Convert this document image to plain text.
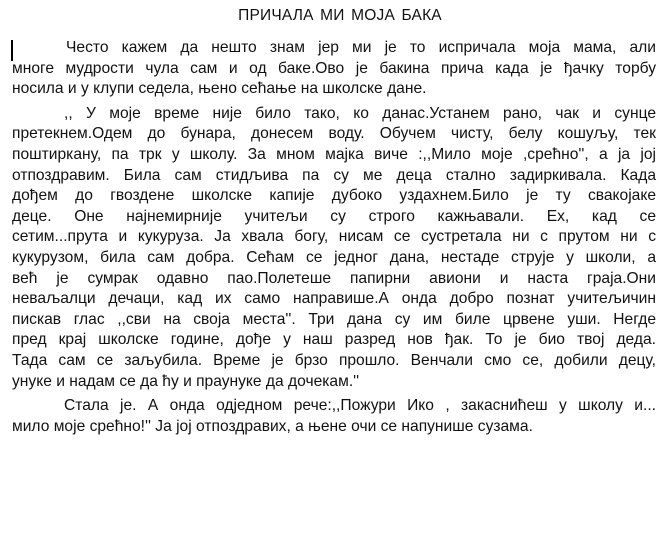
ПРИЧАЛА МИ МОЈА БАКА

Често кажем да нешто знам јер ми је то испричала моја мама, али
многе мудрости чула сам и од баке.Ово је бакина прича када је ђачку торбу
носила и у клупи седела, њено сећање на школске дане.

,, У моје време није било тако, ко данас.Устанем рано, чак и сунце
претекнем.Одем до бунара, донесем воду. Обучем чисту, белу кошуљу, тек
поштиркану, па трк у школу. За мном мајка виче :,,Мило моје ,срећно'', а ја јој
отпоздравим. Била сам стидљива па су ме деца стално задиркивала. Када
дођем до гвоздене школске капије дубоко уздахнем.Било је ту свакојаке
деце. Оне најнемирније учитељи су строго кажњавали. Ех, кад се
сетим...прута и кукуруза. Ја хвала богу, нисам се сустретала ни с прутом ни с
кукурузом, била сам добра. Сећам се једног дана, нестаде струје у школи, а
већ је сумрак одавно пао.Полетеше папирни авиони и наста граја.Они
неваљалци дечаци, кад их само направише.А онда добро познат учитељичин
пискав глас ,,сви на своја места''. Три дана су им биле црвене уши. Негде
пред крај школске године, дође у наш разред нов ђак. То је био твој деда.
Тада сам се заљубила. Време је брзо прошло. Венчали смо се, добили децу,
унуке и надам се да ћу и праунуке да дочекам.''

Стала је. А онда одједном рече:,,Пожури Ико , закаснићеш у школу и...
мило моје срећно!'' Ја јој отпоздравих, а њене очи се напунише сузама.
